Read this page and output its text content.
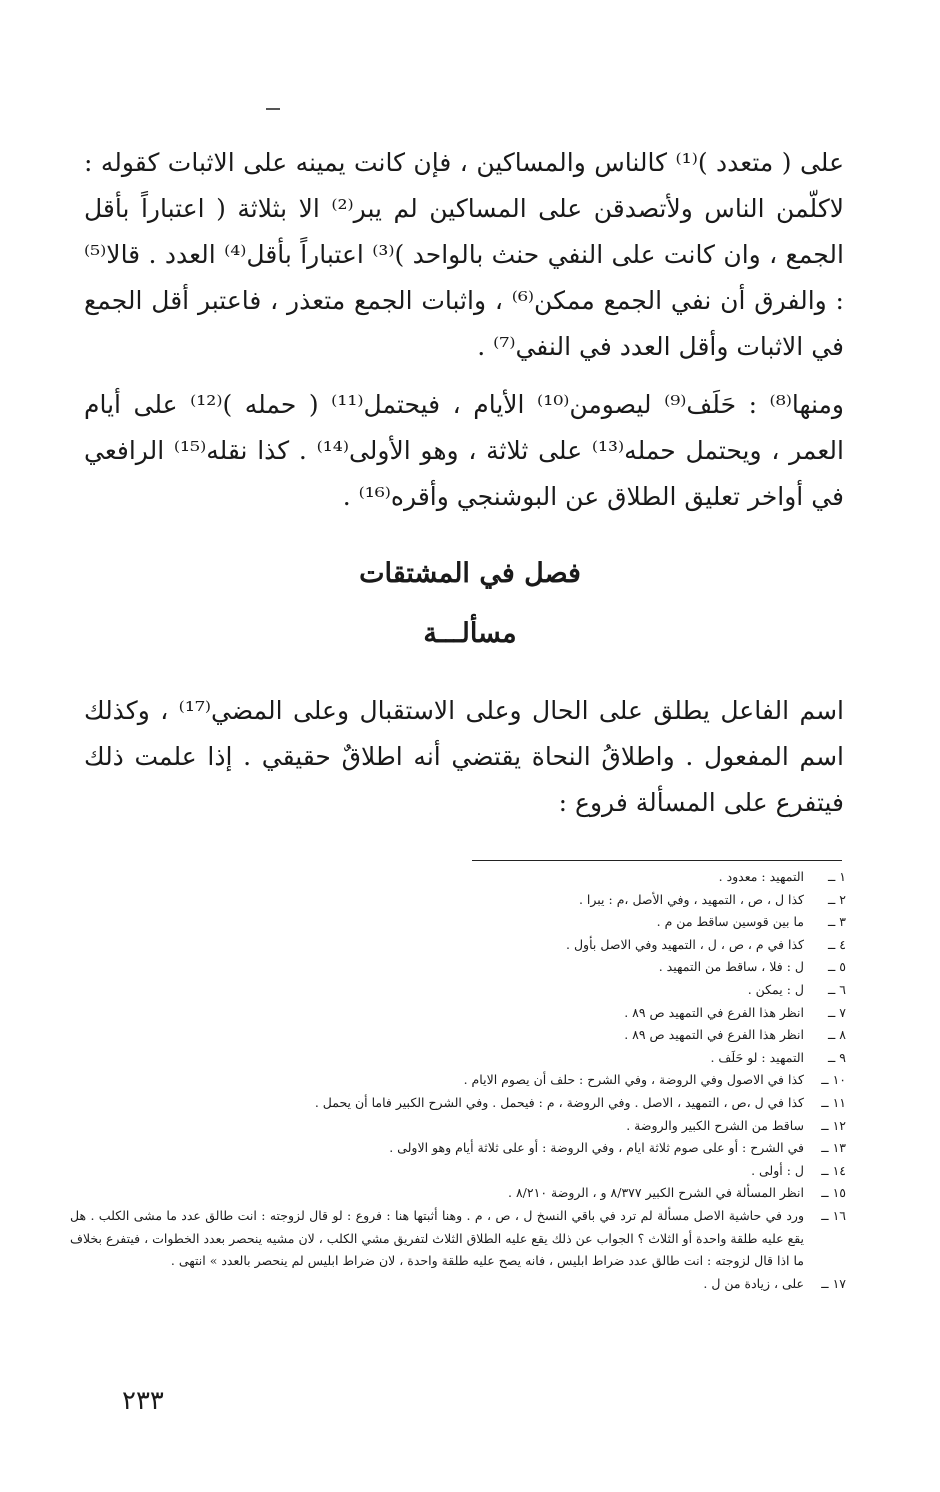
على ( متعدد )⁽¹⁾ كالناس والمساكين ، فإن كانت يمينه على الاثبات كقوله : لاكلّمن الناس ولأتصدقن على المساكين لم يبر⁽²⁾ الا بثلاثة ( اعتباراً بأقل الجمع ، وان كانت على النفي حنث بالواحد )⁽³⁾ اعتباراً بأقل⁽⁴⁾ العدد . قالا⁽⁵⁾ : والفرق أن نفي الجمع ممكن⁽⁶⁾ ، واثبات الجمع متعذر ، فاعتبر أقل الجمع في الاثبات وأقل العدد في النفي⁽⁷⁾ .

ومنها⁽⁸⁾ : حَلَف⁽⁹⁾ ليصومن⁽¹⁰⁾ الأيام ، فيحتمل⁽¹¹⁾ ( حمله )⁽¹²⁾ على أيام العمر ، ويحتمل حمله⁽¹³⁾ على ثلاثة ، وهو الأولى⁽¹⁴⁾ . كذا نقله⁽¹⁵⁾ الرافعي في أواخر تعليق الطلاق عن البوشنجي وأقره⁽¹⁶⁾ .

فصل في المشتقات
مسألـــة

اسم الفاعل يطلق على الحال وعلى الاستقبال وعلى المضي⁽¹⁷⁾ ، وكذلك اسم المفعول . واطلاقُ النحاة يقتضي أنه اطلاقٌ حقيقي . إذا علمت ذلك فيتفرع على المسألة فروع :

١ ــ
التمهيد : معدود .
٢ ــ
كذا ل ، ص ، التمهيد ، وفي الأصل ،م : يبرا .
٣ ــ
ما بين قوسين ساقط من م .
٤ ــ
كذا في م ، ص ، ل ، التمهيد وفي الاصل بأول .
٥ ــ
ل : فلا ، ساقط من التمهيد .
٦ ــ
ل : يمكن .
٧ ــ
انظر هذا الفرع في التمهيد ص ٨٩ .
٨ ــ
انظر هذا الفرع في التمهيد ص ٨٩ .
٩ ــ
التمهيد : لو حَلَف .
١٠ ــ
كذا في الاصول وفي الروضة ، وفي الشرح : حلف أن يصوم الايام .
١١ ــ
كذا في ل ،ص ، التمهيد ، الاصل . وفي الروضة ، م : فيحمل . وفي الشرح الكبير فاما أن يحمل .
١٢ ــ
ساقط من الشرح الكبير والروضة .
١٣ ــ
في الشرح : أو على صوم ثلاثة ايام ، وفي الروضة : أو على ثلاثة أيام وهو الاولى .
١٤ ــ
ل : أولى .
١٥ ــ
انظر المسألة في الشرح الكبير ٨/٣٧٧ و ، الروضة ٨/٢١٠ .
١٦ ــ
ورد في حاشية الاصل مسألة لم ترد في باقي النسخ ل ، ص ، م . وهنا أثبتها هنا : فروع : لو قال لزوجته : انت طالق عدد ما مشى الكلب . هل يقع عليه طلقة واحدة أو الثلاث ؟ الجواب عن ذلك يقع عليه الطلاق الثلاث لتفريق مشي الكلب ، لان مشيه ينحصر بعدد الخطوات ، فيتفرع بخلاف ما اذا قال لزوجته : انت طالق عدد ضراط ابليس ، فانه يصح عليه طلقة واحدة ، لان ضراط ابليس لم ينحصر بالعدد » انتهى .
١٧ ــ
على ، زيادة من ل .
٢٣٣
